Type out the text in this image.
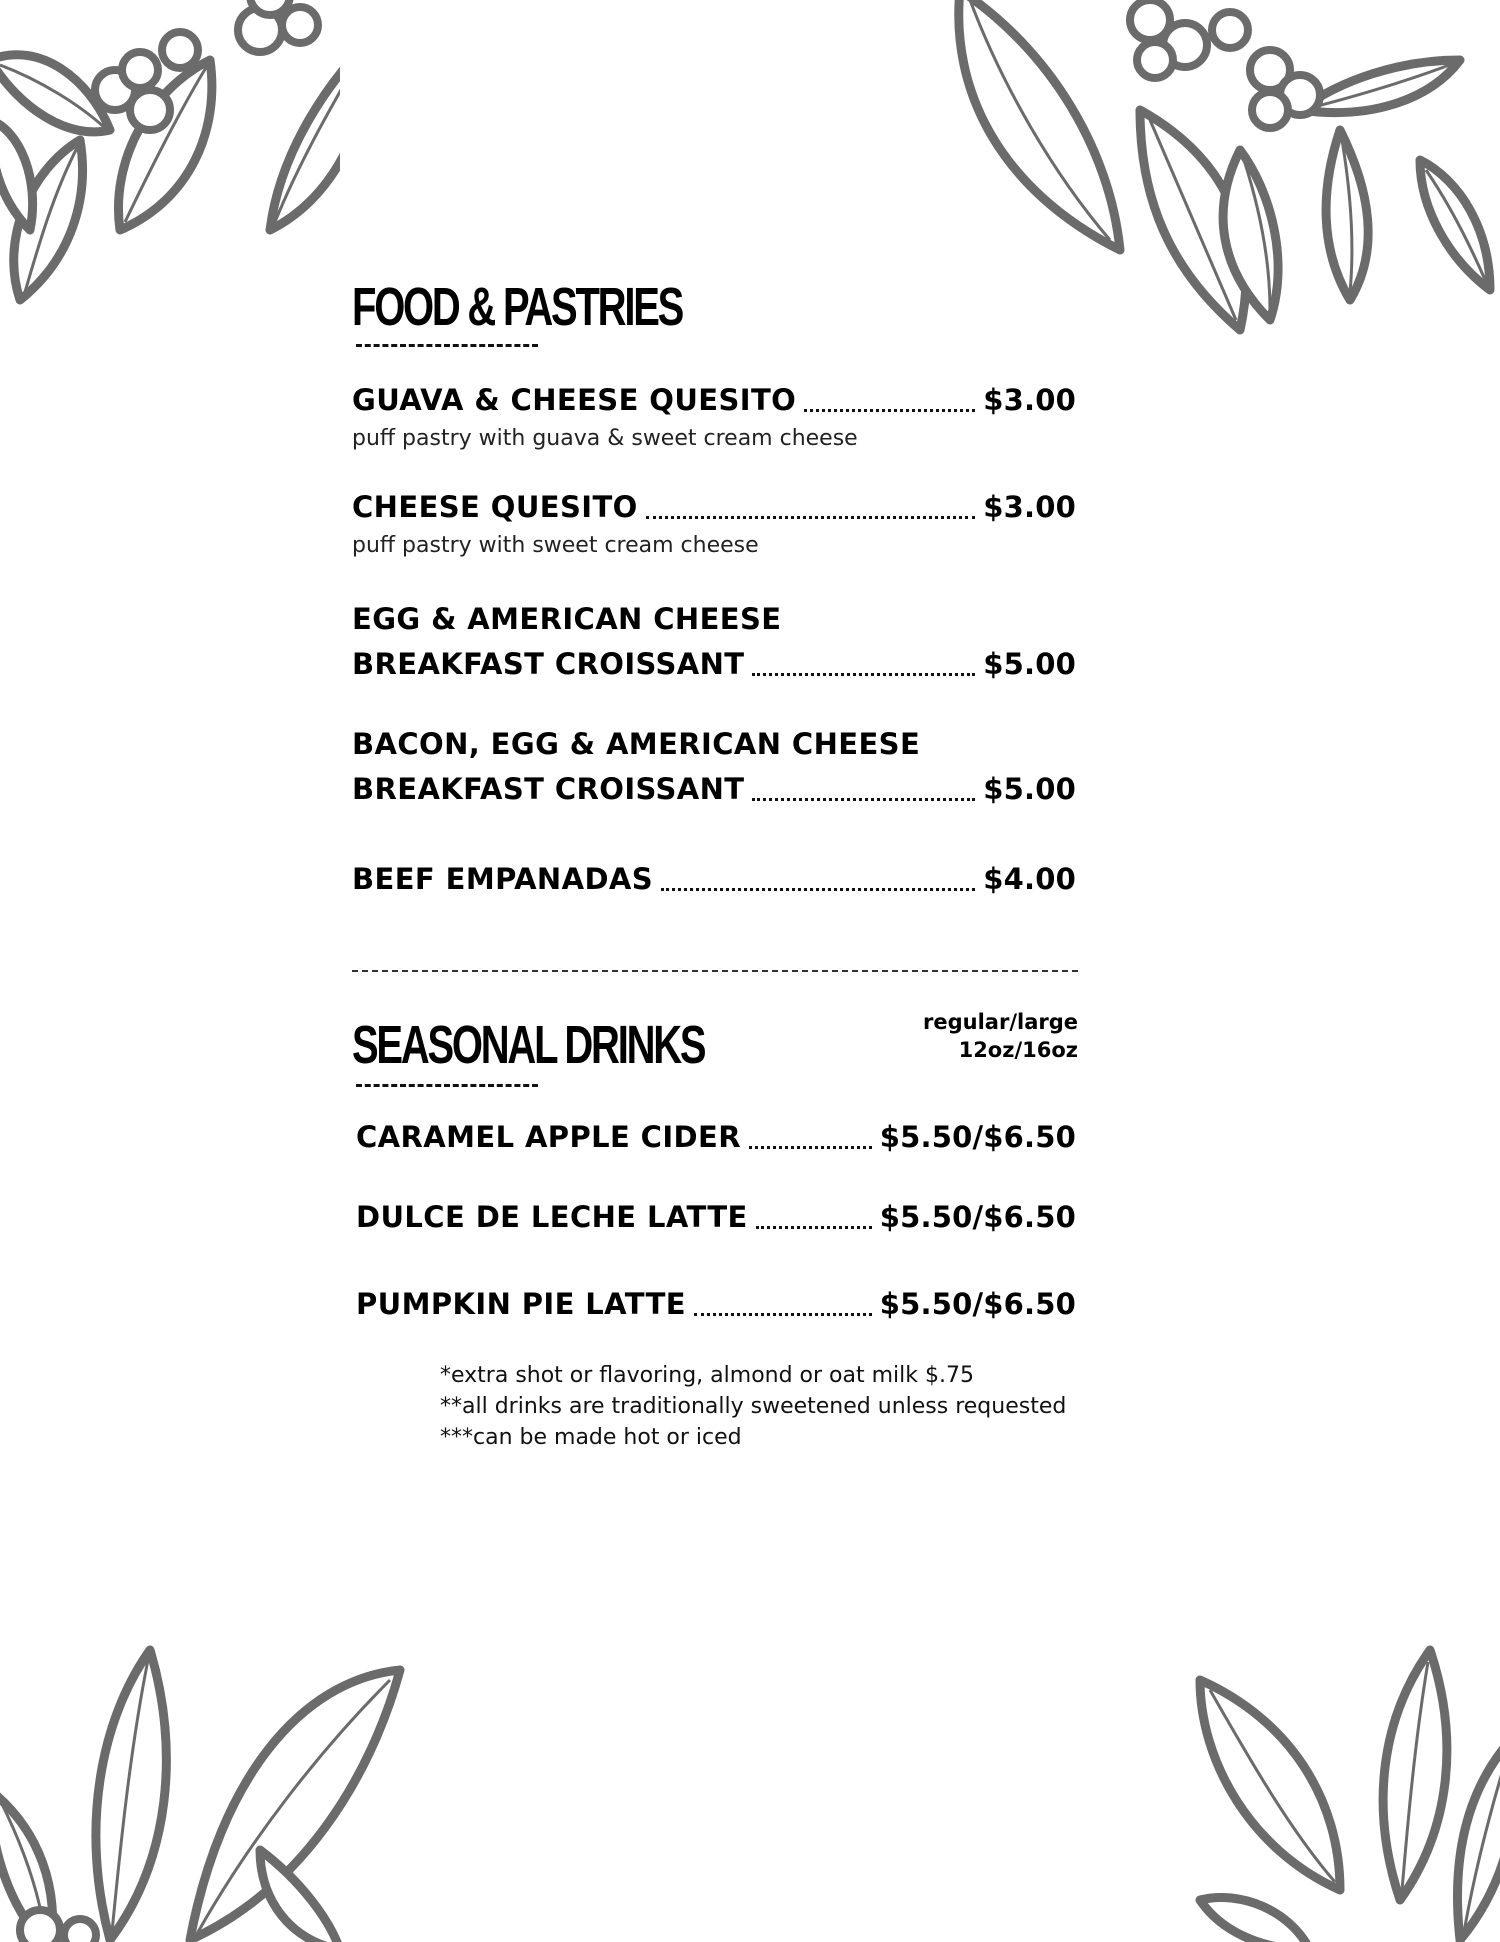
FOOD & PASTRIES
GUAVA & CHEESE QUESITO	$3.00
puff pastry with guava & sweet cream cheese
CHEESE QUESITO	$3.00
puff pastry with sweet cream cheese
EGG & AMERICAN CHEESE
BREAKFAST CROISSANT	$5.00
BACON, EGG & AMERICAN CHEESE
BREAKFAST CROISSANT	$5.00
BEEF EMPANADAS	$4.00
SEASONAL DRINKS	regular/large
12oz/16oz
CARAMEL APPLE CIDER	$5.50/$6.50
DULCE DE LECHE LATTE	$5.50/$6.50
PUMPKIN PIE LATTE	$5.50/$6.50
*extra shot or flavoring, almond or oat milk $.75
**all drinks are traditionally sweetened unless requested
***can be made hot or iced
